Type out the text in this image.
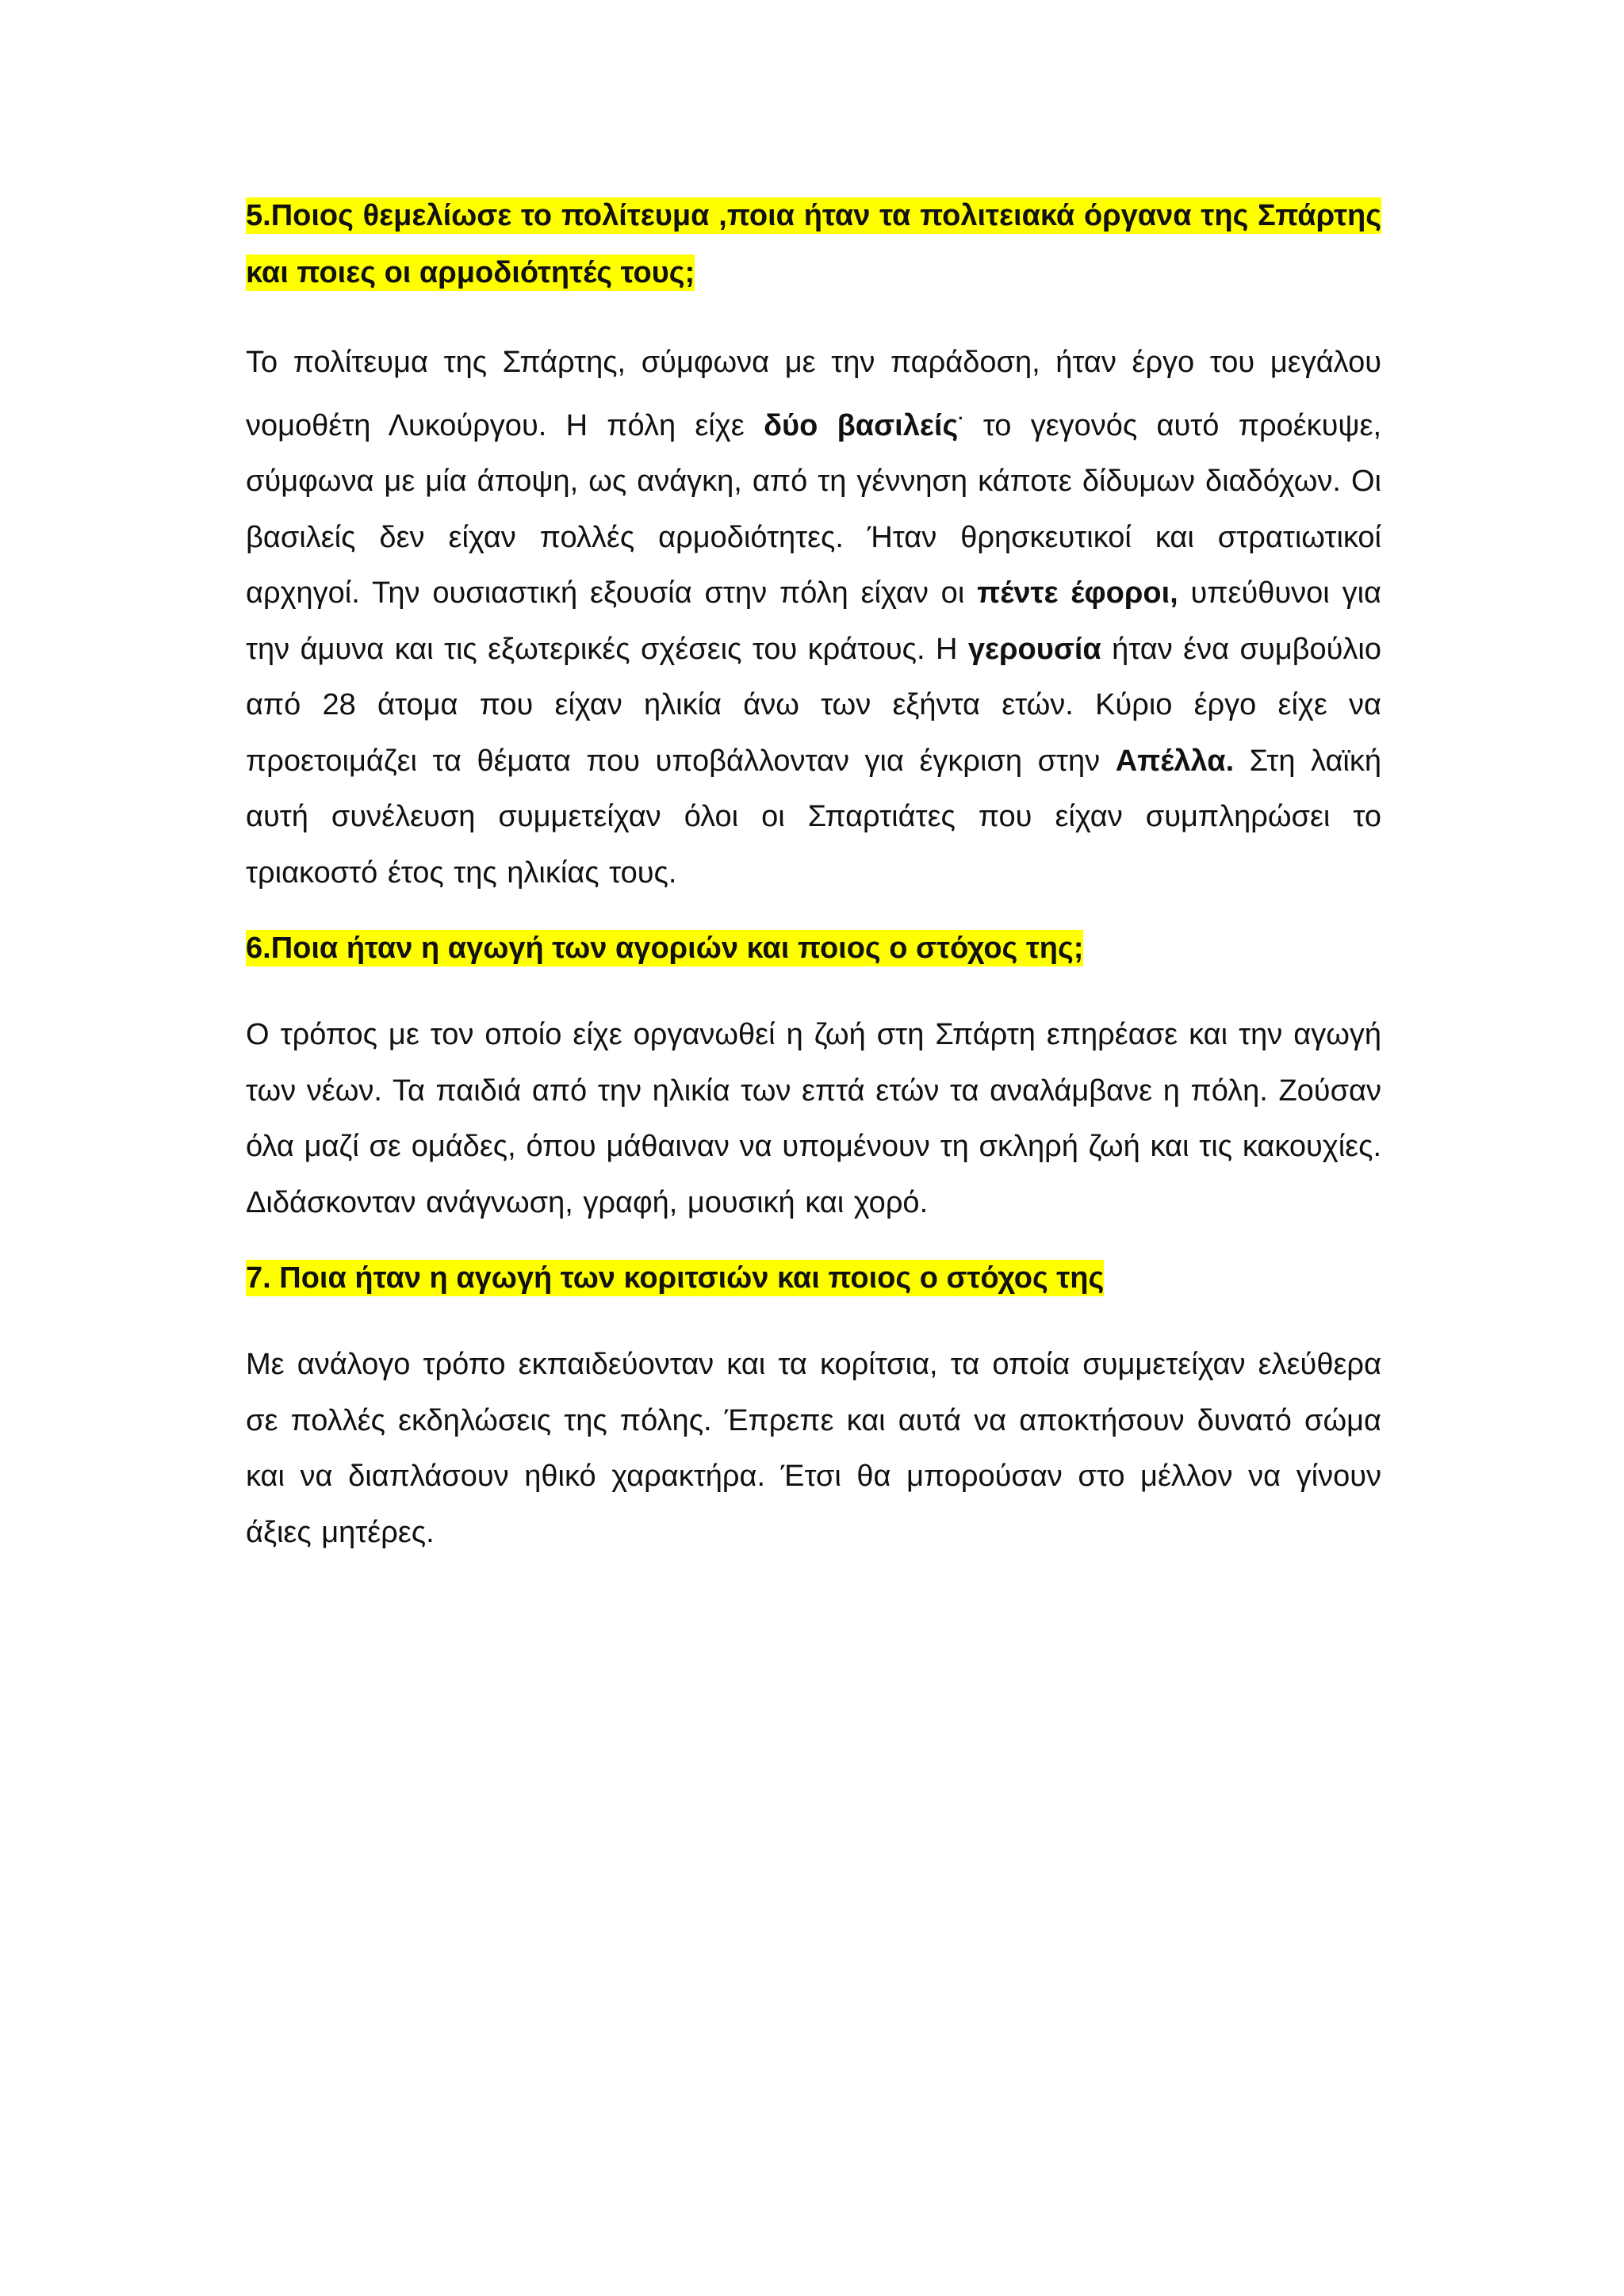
5.Ποιος θεμελίωσε το πολίτευμα ,ποια ήταν τα πολιτειακά όργανα της Σπάρτης και ποιες οι αρμοδιότητές τους;

Το πολίτευμα της Σπάρτης, σύμφωνα με την παράδοση, ήταν έργο του μεγάλου νομοθέτη Λυκούργου. Η πόλη είχε δύο βασιλείς· το γεγονός αυτό προέκυψε, σύμφωνα με μία άποψη, ως ανάγκη, από τη γέννηση κάποτε δίδυμων διαδόχων. Οι βασιλείς δεν είχαν πολλές αρμοδιότητες. Ήταν θρησκευτικοί και στρατιωτικοί αρχηγοί. Την ουσιαστική εξουσία στην πόλη είχαν οι πέντε έφοροι, υπεύθυνοι για την άμυνα και τις εξωτερικές σχέσεις του κράτους. Η γερουσία ήταν ένα συμβούλιο από 28 άτομα που είχαν ηλικία άνω των εξήντα ετών. Κύριο έργο είχε να προετοιμάζει τα θέματα που υποβάλλονταν για έγκριση στην Απέλλα. Στη λαϊκή αυτή συνέλευση συμμετείχαν όλοι οι Σπαρτιάτες που είχαν συμπληρώσει το τριακοστό έτος της ηλικίας τους.

6.Ποια ήταν η αγωγή των αγοριών και ποιος ο στόχος της;

Ο τρόπος με τον οποίο είχε οργανωθεί η ζωή στη Σπάρτη επηρέασε και την αγωγή των νέων. Τα παιδιά από την ηλικία των επτά ετών τα αναλάμβανε η πόλη. Ζούσαν όλα μαζί σε ομάδες, όπου μάθαιναν να υπομένουν τη σκληρή ζωή και τις κακουχίες. Διδάσκονταν ανάγνωση, γραφή, μουσική και χορό.

7. Ποια ήταν η αγωγή των κοριτσιών και ποιος ο στόχος της

Με ανάλογο τρόπο εκπαιδεύονταν και τα κορίτσια, τα οποία συμμετείχαν ελεύθερα σε πολλές εκδηλώσεις της πόλης. Έπρεπε και αυτά να αποκτήσουν δυνατό σώμα και να διαπλάσουν ηθικό χαρακτήρα. Έτσι θα μπορούσαν στο μέλλον να γίνουν άξιες μητέρες.
